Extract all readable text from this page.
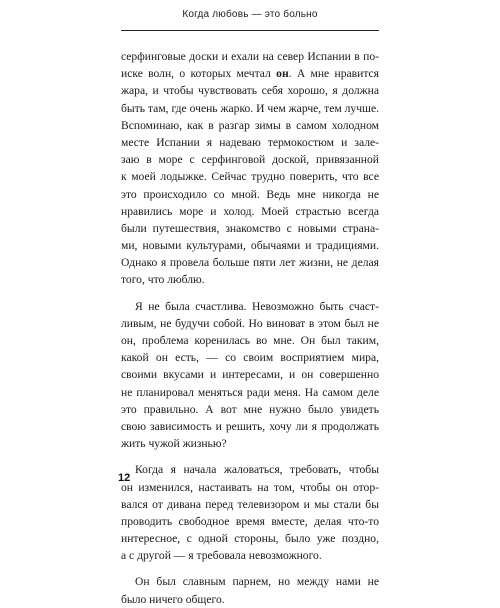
Когда любовь — это больно
серфинговые доски и ехали на север Испании в по-
иске волн, о которых мечтал он. А мне нравится
жара, и чтобы чувствовать себя хорошо, я должна
быть там, где очень жарко. И чем жарче, тем лучше.
Вспоминаю, как в разгар зимы в самом холодном
месте Испании я надеваю термокостюм и зале-
заю в море с серфинговой доской, привязанной
к моей лодыжке. Сейчас трудно поверить, что все
это происходило со мной. Ведь мне никогда не
нравились море и холод. Моей страстью всегда
были путешествия, знакомство с новыми страна-
ми, новыми культурами, обычаями и традициями.
Однако я провела больше пяти лет жизни, не делая
того, что люблю.
Я не была счастлива. Невозможно быть счаст-
ливым, не будучи собой. Но виноват в этом был не
он, проблема коренилась во мне. Он был таким,
какой он есть, — со своим восприятием мира,
своими вкусами и интересами, и он совершенно
не планировал меняться ради меня. На самом деле
это правильно. А вот мне нужно было увидеть
свою зависимость и решить, хочу ли я продолжать
жить чужой жизнью?
Когда я начала жаловаться, требовать, чтобы
он изменился, настаивать на том, чтобы он отор-
вался от дивана перед телевизором и мы стали бы
проводить свободное время вместе, делая что-то
интересное, с одной стороны, было уже поздно,
а с другой — я требовала невозможного.
Он был славным парнем, но между нами не
было ничего общего.
12
